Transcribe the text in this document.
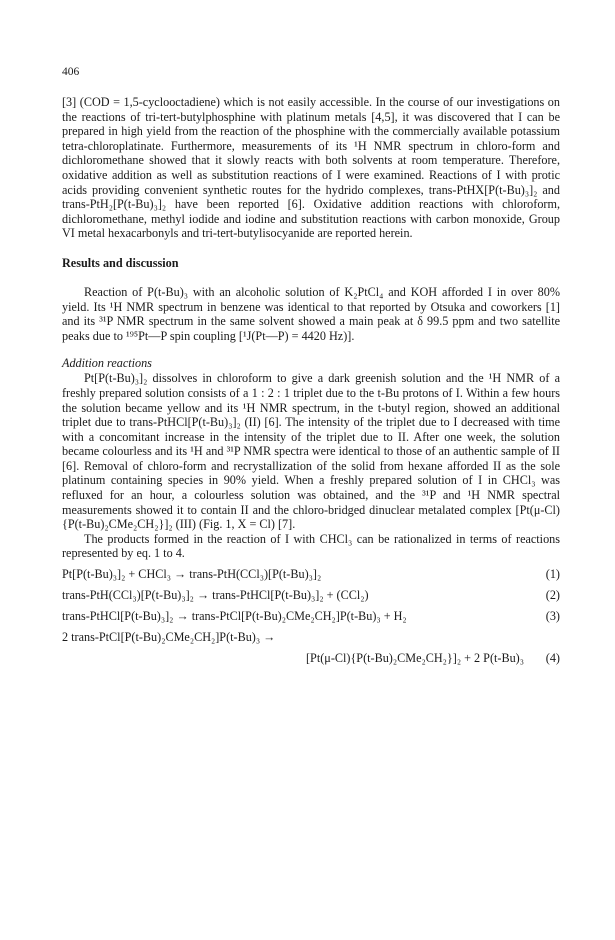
406

[3] (COD = 1,5-cyclooctadiene) which is not easily accessible. In the course of our investigations on the reactions of tri-tert-butylphosphine with platinum metals [4,5], it was discovered that I can be prepared in high yield from the reaction of the phosphine with the commercially available potassium tetra-chloroplatinate. Furthermore, measurements of its ¹H NMR spectrum in chloro-form and dichloromethane showed that it slowly reacts with both solvents at room temperature. Therefore, oxidative addition as well as substitution reactions of I were examined. Reactions of I with protic acids providing convenient synthetic routes for the hydrido complexes, trans-PtHX[P(t-Bu)₃]₂ and trans-PtH₂[P(t-Bu)₃]₂ have been reported [6]. Oxidative addition reactions with chloroform, dichloromethane, methyl iodide and iodine and substitution reactions with carbon monoxide, Group VI metal hexacarbonyls and tri-tert-butylisocyanide are reported herein.

Results and discussion

Reaction of P(t-Bu)₃ with an alcoholic solution of K₂PtCl₄ and KOH afforded I in over 80% yield. Its ¹H NMR spectrum in benzene was identical to that reported by Otsuka and coworkers [1] and its ³¹P NMR spectrum in the same solvent showed a main peak at δ 99.5 ppm and two satellite peaks due to ¹⁹⁵Pt—P spin coupling [¹J(Pt—P) = 4420 Hz)].

Addition reactions

Pt[P(t-Bu)₃]₂ dissolves in chloroform to give a dark greenish solution and the ¹H NMR of a freshly prepared solution consists of a 1 : 2 : 1 triplet due to the t-Bu protons of I. Within a few hours the solution became yellow and its ¹H NMR spectrum, in the t-butyl region, showed an additional triplet due to trans-PtHCl[P(t-Bu)₃]₂ (II) [6]. The intensity of the triplet due to I decreased with time with a concomitant increase in the intensity of the triplet due to II. After one week, the solution became colourless and its ¹H and ³¹P NMR spectra were identical to those of an authentic sample of II [6]. Removal of chloro-form and recrystallization of the solid from hexane afforded II as the sole platinum containing species in 90% yield. When a freshly prepared solution of I in CHCl₃ was refluxed for an hour, a colourless solution was obtained, and the ³¹P and ¹H NMR spectral measurements showed it to contain II and the chloro-bridged dinuclear metalated complex [Pt(μ-Cl){P(t-Bu)₂CMe₂CH₂}]₂ (III) (Fig. 1, X = Cl) [7].

The products formed in the reaction of I with CHCl₃ can be rationalized in terms of reactions represented by eq. 1 to 4.

Pt[P(t-Bu)₃]₂ + CHCl₃ → trans-PtH(CCl₃)[P(t-Bu)₃]₂	(1)
trans-PtH(CCl₃)[P(t-Bu)₃]₂ → trans-PtHCl[P(t-Bu)₃]₂ + (CCl₂)	(2)
trans-PtHCl[P(t-Bu)₃]₂ → trans-PtCl[P(t-Bu)₂CMe₂CH₂]P(t-Bu)₃ + H₂	(3)
2 trans-PtCl[P(t-Bu)₂CMe₂CH₂]P(t-Bu)₃ →
[Pt(μ-Cl){P(t-Bu)₂CMe₂CH₂}]₂ + 2 P(t-Bu)₃	(4)
